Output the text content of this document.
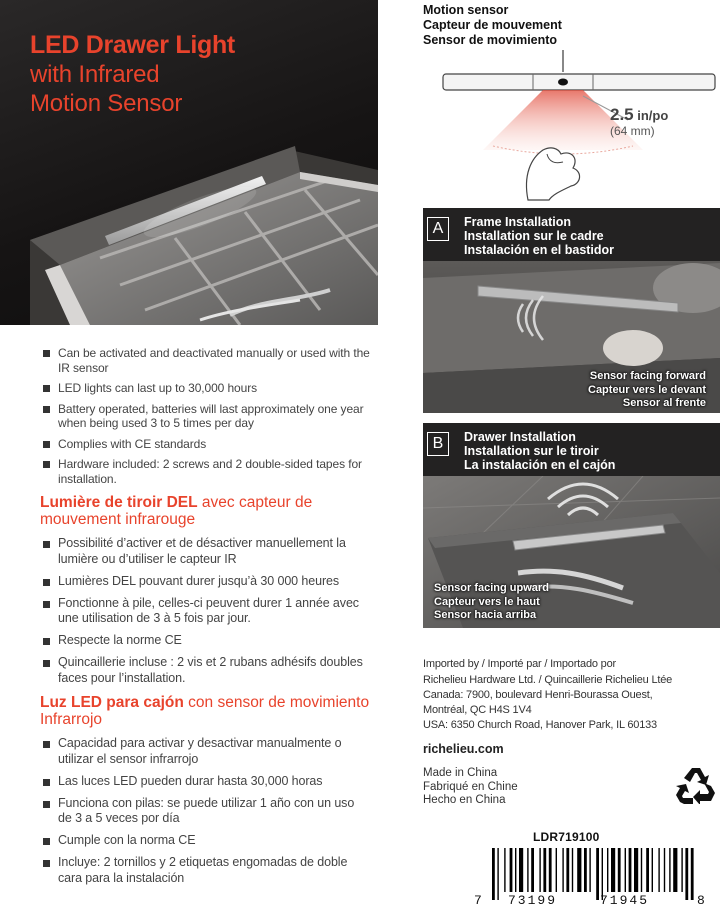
LED Drawer Light
with Infrared
Motion Sensor
Can be activated and deactivated manually or used with the IR sensor
LED lights can last up to 30,000 hours
Battery operated, batteries will last approximately one year when being used 3 to 5 times per day
Complies with CE standards
Hardware included: 2 screws and 2 double-sided tapes for installation.
Lumière de tiroir DEL avec capteur de mouvement infrarouge
Possibilité d’activer et de désactiver manuellement la lumière ou d’utiliser le capteur IR
Lumières DEL pouvant durer jusqu’à 30 000 heures
Fonctionne à pile, celles-ci peuvent durer 1 année avec une utilisation de 3 à 5 fois par jour.
Respecte la norme CE
Quincaillerie incluse : 2 vis et 2 rubans adhésifs doubles faces pour l’installation.
Luz LED para cajón con sensor de movimiento Infrarrojo
Capacidad para activar y desactivar manualmente o utilizar el sensor infrarrojo
Las luces LED pueden durar hasta 30,000 horas
Funciona con pilas: se puede utilizar 1 año con un uso de 3 a 5 veces por día
Cumple con la norma CE
Incluye: 2 tornillos y 2 etiquetas engomadas de doble cara para la instalación
Motion sensor
Capteur de mouvement
Sensor de movimiento
2.5 in/po
(64 mm)
A	Frame Installation
Installation sur le cadre
Instalación en el bastidor
Sensor facing forward
Capteur vers le devant
Sensor al frente
B	Drawer Installation
Installation sur le tiroir
La instalación en el cajón
Sensor facing upward
Capteur vers le haut
Sensor hacia arriba
Imported by / Importé par / Importado por
Richelieu Hardware Ltd. / Quincaillerie Richelieu Ltée
Canada: 7900, boulevard Henri-Bourassa Ouest,
Montréal, QC H4S 1V4
USA: 6350 Church Road, Hanover Park, IL 60133
richelieu.com
Made in China
Fabriqué en Chine
Hecho en China
LDR719100
7 73199	71945	8
